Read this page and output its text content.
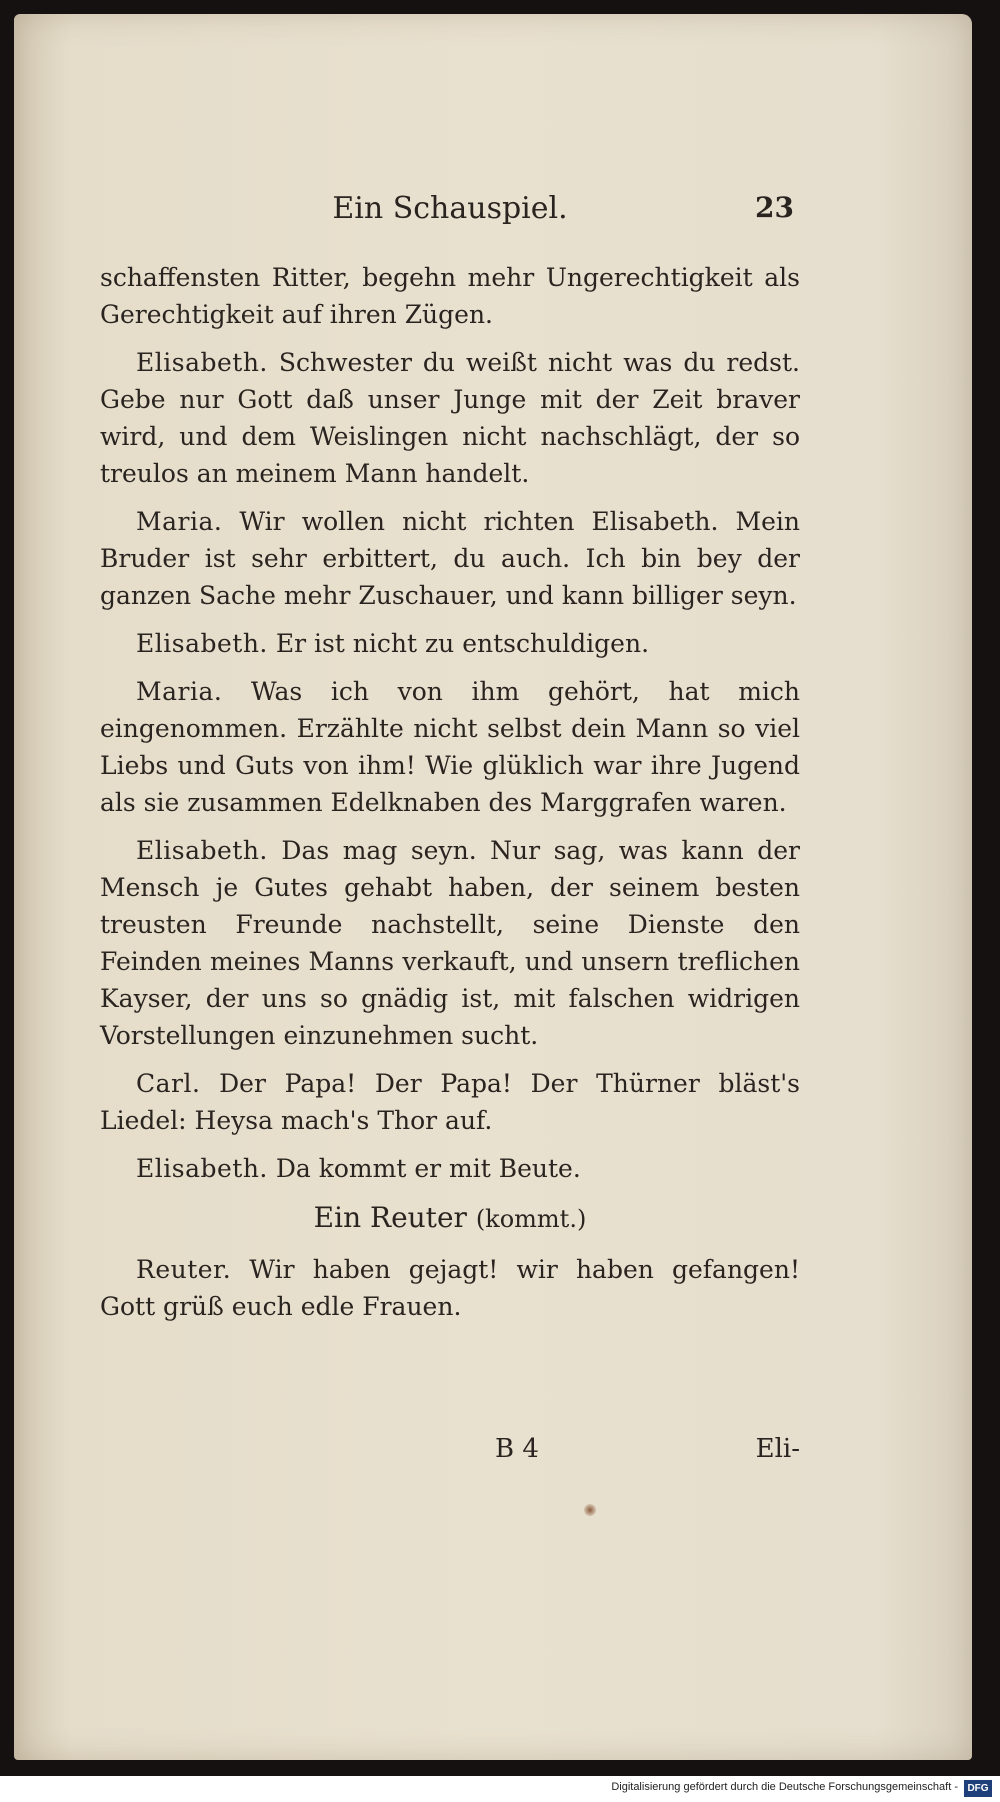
Ein Schauspiel.	23

schaffensten Ritter, begehn mehr Ungerechtigkeit als Gerechtigkeit auf ihren Zügen.

Elisabeth. Schwester du weißt nicht was du redst. Gebe nur Gott daß unser Junge mit der Zeit braver wird, und dem Weislingen nicht nachschlägt, der so treulos an meinem Mann handelt.

Maria. Wir wollen nicht richten Elisabeth. Mein Bruder ist sehr erbittert, du auch. Ich bin bey der ganzen Sache mehr Zuschauer, und kann billiger seyn.

Elisabeth. Er ist nicht zu entschuldigen.

Maria. Was ich von ihm gehört, hat mich eingenommen. Erzählte nicht selbst dein Mann so viel Liebs und Guts von ihm! Wie glüklich war ihre Jugend als sie zusammen Edelknaben des Marggrafen waren.

Elisabeth. Das mag seyn. Nur sag, was kann der Mensch je Gutes gehabt haben, der seinem besten treusten Freunde nachstellt, seine Dienste den Feinden meines Manns verkauft, und unsern treflichen Kayser, der uns so gnädig ist, mit falschen widrigen Vorstellungen einzunehmen sucht.

Carl. Der Papa! Der Papa! Der Thürner bläst's Liedel: Heysa mach's Thor auf.

Elisabeth. Da kommt er mit Beute.

Ein Reuter (kommt.)

Reuter. Wir haben gejagt! wir haben gefangen! Gott grüß euch edle Frauen.

B 4	Eli-
Digitalisierung gefördert durch die Deutsche Forschungsgemeinschaft - DFG
